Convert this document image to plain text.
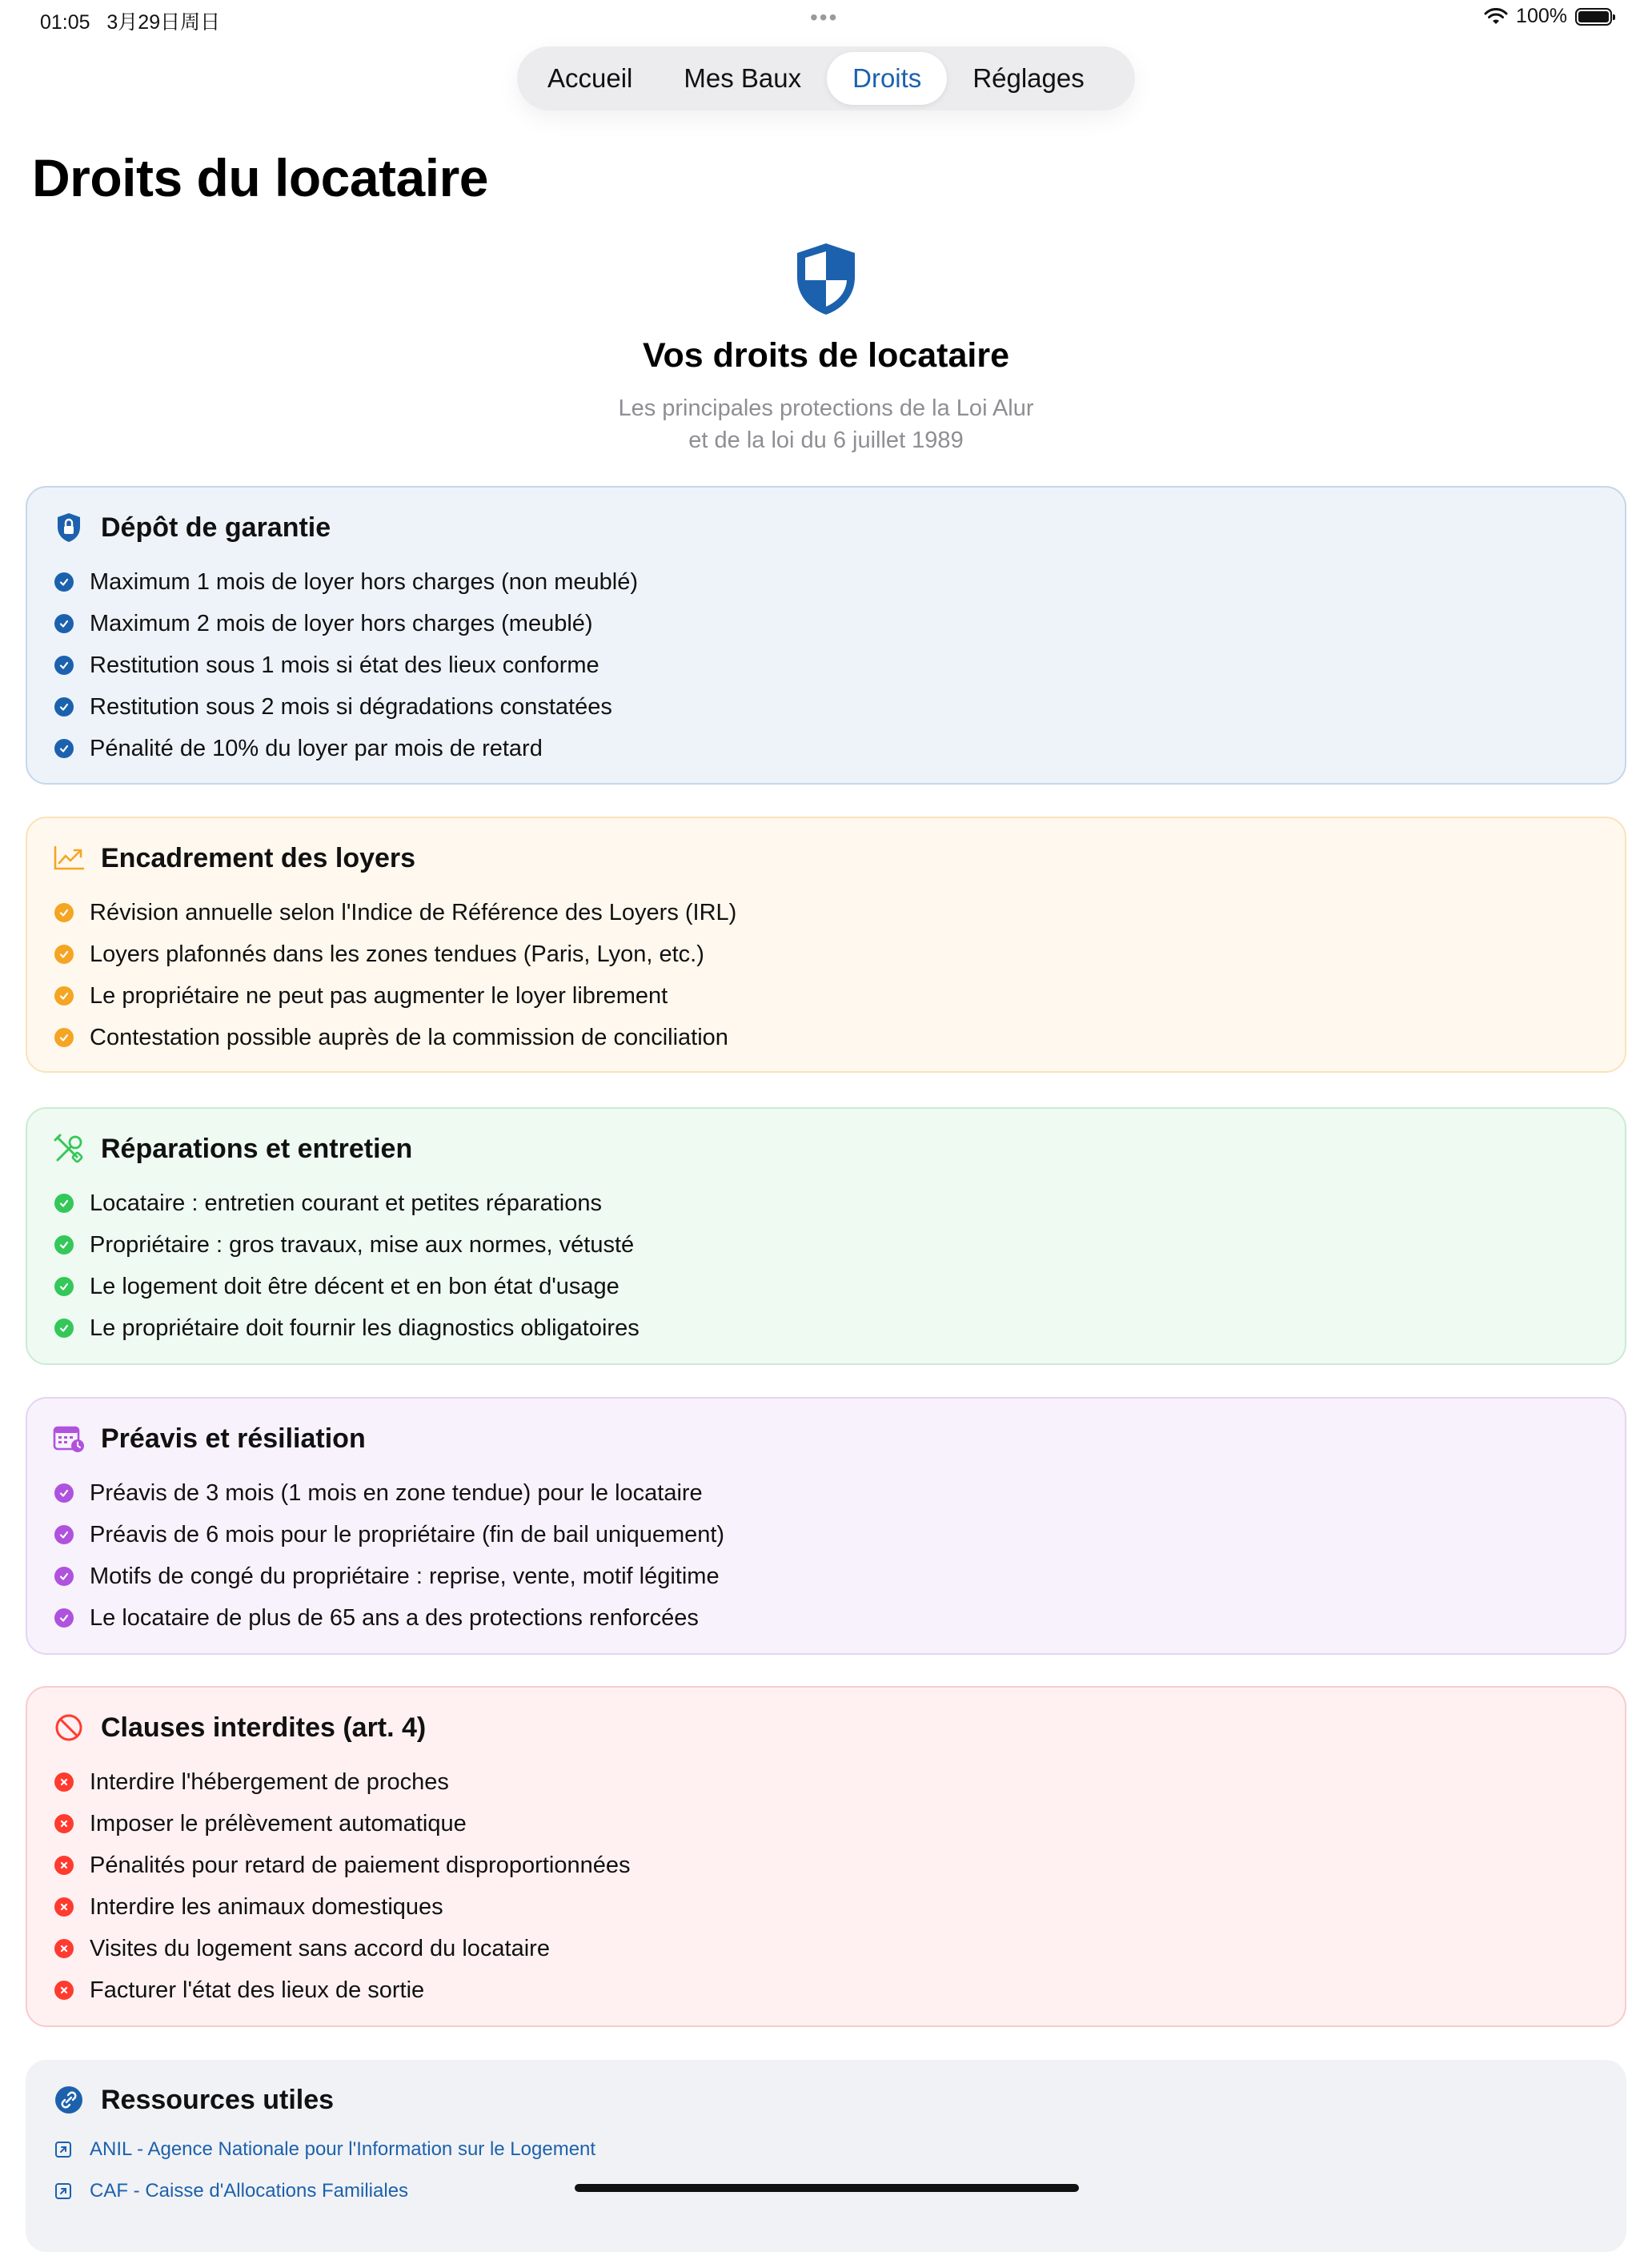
01:05 3月29日周日	•••	100%
Accueil	Mes Baux	Droits	Réglages
Droits du locataire
Vos droits de locataire
Les principales protections de la Loi Alur
et de la loi du 6 juillet 1989
Dépôt de garantie
Maximum 1 mois de loyer hors charges (non meublé)
Maximum 2 mois de loyer hors charges (meublé)
Restitution sous 1 mois si état des lieux conforme
Restitution sous 2 mois si dégradations constatées
Pénalité de 10% du loyer par mois de retard
Encadrement des loyers
Révision annuelle selon l'Indice de Référence des Loyers (IRL)
Loyers plafonnés dans les zones tendues (Paris, Lyon, etc.)
Le propriétaire ne peut pas augmenter le loyer librement
Contestation possible auprès de la commission de conciliation
Réparations et entretien
Locataire : entretien courant et petites réparations
Propriétaire : gros travaux, mise aux normes, vétusté
Le logement doit être décent et en bon état d'usage
Le propriétaire doit fournir les diagnostics obligatoires
Préavis et résiliation
Préavis de 3 mois (1 mois en zone tendue) pour le locataire
Préavis de 6 mois pour le propriétaire (fin de bail uniquement)
Motifs de congé du propriétaire : reprise, vente, motif légitime
Le locataire de plus de 65 ans a des protections renforcées
Clauses interdites (art. 4)
Interdire l'hébergement de proches
Imposer le prélèvement automatique
Pénalités pour retard de paiement disproportionnées
Interdire les animaux domestiques
Visites du logement sans accord du locataire
Facturer l'état des lieux de sortie
Ressources utiles
ANIL - Agence Nationale pour l'Information sur le Logement
CAF - Caisse d'Allocations Familiales
